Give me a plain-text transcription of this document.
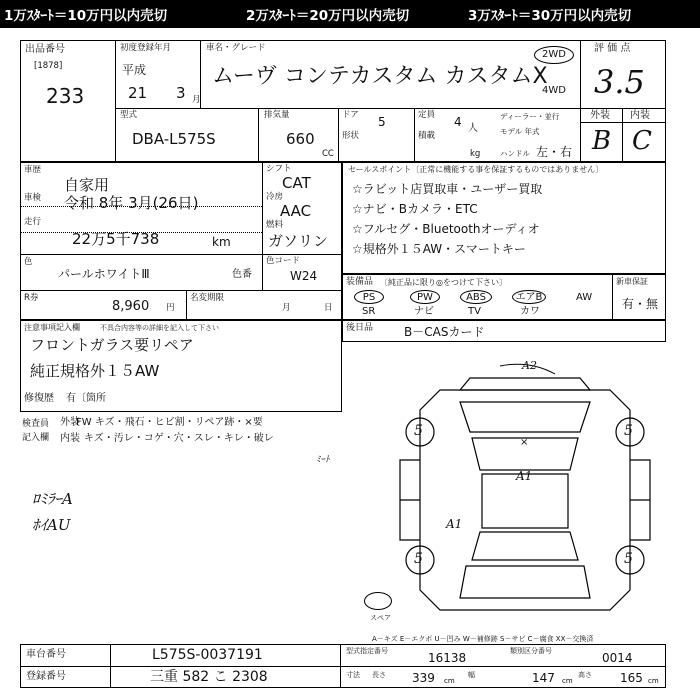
1万ｽﾀｰﾄ＝10万円以内売切	2万ｽﾀｰﾄ＝20万円以内売切	3万ｽﾀｰﾄ＝30万円以内売切
出品番号
[1878]
233
初度登録年月
平成
21 3 月
車名・グレード
ムーヴ コンテカスタム カスタムX
2WD
4WD
評 価 点
3.5
外装 内装
B C
型式
DBA-L575S
排気量
660
CC
ドア 5
形状
定員 4 人
積載
kg
ディーラー・並行
モデル 年式
ハンドル 左・右
車歴
自家用
車検 令和 8年 3月(26日)
走行
22万5千738	km
シフト
CAT
冷房
AAC
燃料
ガソリン
色
パールホワイトⅢ	色番
色コード
W24
R券
8,960 円
名変期限
月	日
セールスポイント〔正常に機能する事を保証するものではありません〕
☆ラビット店買取車・ユーザー買取
☆ナビ・Bカメラ・ETC
☆フルセグ・Bluetoothオーディオ
☆規格外１５AW・スマートキー
装備品 〔純正品に限り◎をつけて下さい〕
PS	PW	ABS	エアB	AW
SR	ナビ	TV	カワ
新車保証
有・無
後日品	B－CASカード
注意事項記入欄	不具合内容等の詳細を記入して下さい
フロントガラス要リペア
純正規格外１５AW
修復歴 有〔箇所
検査員
記入欄
外装
FW キズ・飛石・ヒビ割・リペア跡・×要
内装 キズ・汚レ・コゲ・穴・スレ・キレ・破レ
ﾐｰﾄ
ﾛﾐﾗｰA
ﾎｲAU
A2
×
A1
A1
5	5
5	5
スペア
A－キズ E－エクボ U－凹み W－補修跡 S－サビ C－腐食 XX－交換済
車台番号	L575S-0037191
登録番号	三重 582 こ 2308
型式指定番号	16138	類別区分番号	0014
寸法 長さ 339 cm
幅	147 cm
高さ 165 cm
